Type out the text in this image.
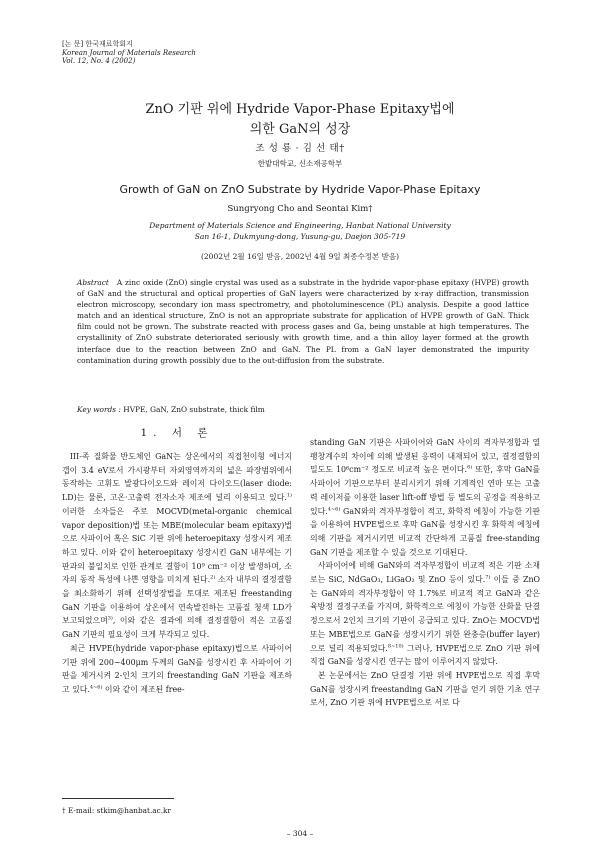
[논 문] 한국재료학회지
Korean Journal of Materials Research
Vol. 12, No. 4 (2002)
ZnO 기판 위에 Hydride Vapor-Phase Epitaxy법에
의한 GaN의 성장
조 성 룡 · 김 선 태†
한밭대학교, 신소재공학부
Growth of GaN on ZnO Substrate by Hydride Vapor-Phase Epitaxy
Sungryong Cho and Seontai Kim†
Department of Materials Science and Engineering, Hanbat National University
San 16-1, Dukmyung-dong, Yusung-gu, Daejon 305-719
(2002년 2월 16일 받음, 2002년 4월 9일 최종수정본 받음)
Abstract A zinc oxide (ZnO) single crystal was used as a substrate in the hydride vapor-phase epitaxy (HVPE) growth of GaN and the structural and optical properties of GaN layers were characterized by x-ray diffraction, transmission electron microscopy, secondary ion mass spectrometry, and photoluminescence (PL) analysis. Despite a good lattice match and an identical structure, ZnO is not an appropriate substrate for application of HVPE growth of GaN. Thick film could not be grown. The substrate reacted with process gases and Ga, being unstable at high temperatures. The crystallinity of ZnO substrate deteriorated seriously with growth time, and a thin alloy layer formed at the growth interface due to the reaction between ZnO and GaN. The PL from a GaN layer demonstrated the impurity contamination during growth possibly due to the out-diffusion from the substrate.
Key words : HVPE, GaN, ZnO substrate, thick film
1. 서 론

III-족 질화물 반도체인 GaN는 상온에서의 직접천이형 에너지 갭이 3.4 eV로서 가시광부터 자외영역까지의 넓은 파장범위에서 동작하는 고휘도 발광다이오드와 레이저 다이오드(laser diode: LD)는 물론, 고온·고출력 전자소자 제조에 널리 이용되고 있다.$^{1)}$ 이러한 소자들은 주로 MOCVD(metal-organic chemical vapor deposition)법 또는 MBE(molecular beam epitaxy)법으로 사파이어 혹은 SiC 기판 위에 heteroepitaxy 성장시켜 제조하고 있다. 이와 같이 heteroepitaxy 성장시킨 GaN 내부에는 기판과의 불일치로 인한 관계로 결함이 10⁹ cm⁻² 이상 발생하며, 소자의 동작 특성에 나쁜 영향을 미치게 된다.$^{2)}$ 소자 내부의 결정결함을 최소화하기 위해 선택성장법을 토대로 제조된 freestanding GaN 기판을 이용하여 상온에서 연속발진하는 고품질 청색 LD가 보고되었으며$^{3)}$, 이와 같은 결과에 의해 결정결함이 적은 고품질 GaN 기판의 필요성이 크게 부각되고 있다.

최근 HVPE(hydride vapor-phase epitaxy)법으로 사파이어 기판 위에 200~400μm 두께의 GaN를 성장시킨 후 사파이어 기판을 제거시켜 2-인치 크기의 freestanding GaN 기판을 제조하고 있다.$^{4\sim 6)}$ 이와 같이 제조된 free-

standing GaN 기판은 사파이어와 GaN 사이의 격자부정합과 열팽창계수의 차이에 의해 발생된 응력이 내재되어 있고, 결정결함의 밀도도 10⁶cm⁻² 정도로 비교적 높은 편이다.$^{6)}$ 또한, 후막 GaN를 사파이어 기판으로부터 분리시키기 위해 기계적인 연마 또는 고출력 레이저를 이용한 laser lift-off 방법 등 별도의 공정을 적용하고 있다.$^{4\sim 6)}$ GaN와의 격자부정합이 적고, 화학적 에칭이 가능한 기판을 이용하여 HVPE법으로 후막 GaN를 성장시킨 후 화학적 에칭에 의해 기판을 제거시키면 비교적 간단하게 고품질 free-standing GaN 기판을 제조할 수 있을 것으로 기대된다.

사파이어에 비해 GaN와의 격자부정합이 비교적 적은 기판 소재로는 SiC, NdGaO₃, LiGaO₂ 및 ZnO 등이 있다.$^{7)}$ 이들 중 ZnO는 GaN와의 격자부정합이 약 1.7%로 비교적 적고 GaN과 같은 육방정 결정구조를 가지며, 화학적으로 에칭이 가능한 산화물 단결정으로서 2인치 크기의 기판이 공급되고 있다. ZnO는 MOCVD법 또는 MBE법으로 GaN를 성장시키기 위한 완충층(buffer layer)으로 널리 적용되었다.$^{8\sim 10)}$ 그러나, HVPE법으로 ZnO 기판 위에 직접 GaN를 성장시킨 연구는 많이 이루어지지 않았다.

본 논문에서는 ZnO 단결정 기판 위에 HVPE법으로 직접 후막 GaN를 성장시켜 freestanding GaN 기판을 얻기 위한 기초 연구로서, ZnO 기판 위에 HVPE법으로 서로 다

† E-mail: stkim@hanbat.ac.kr
– 304 –
